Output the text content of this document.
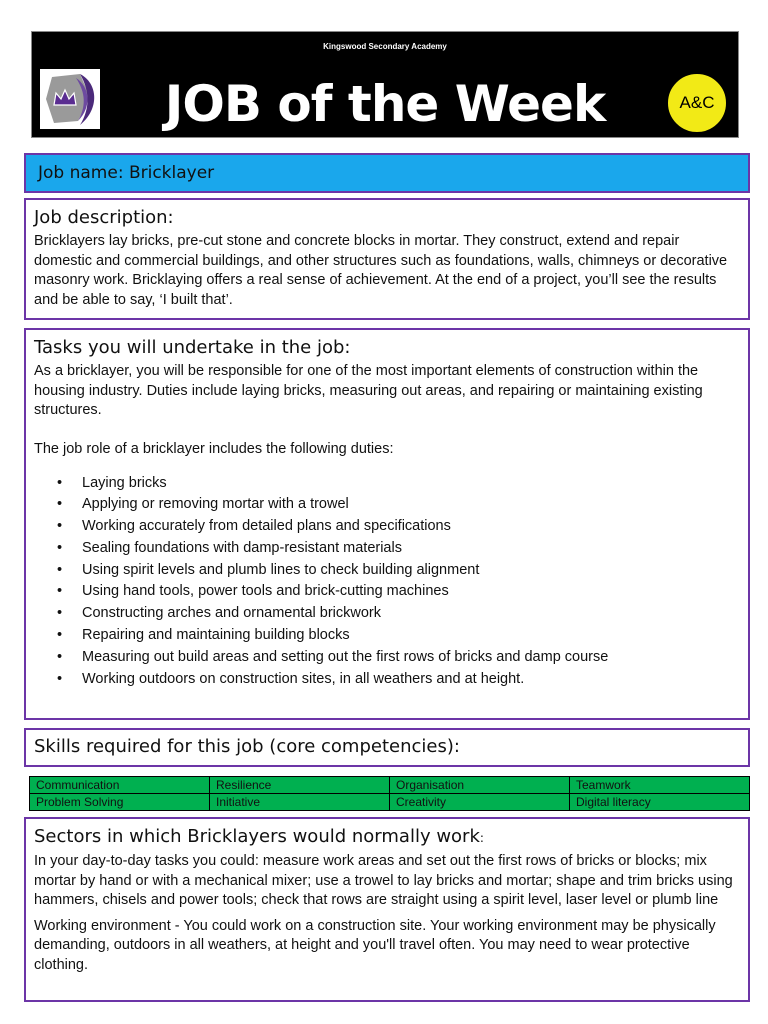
Kingswood Secondary Academy
JOB of the Week	A&C
Job name: Bricklayer
Job description:

Bricklayers lay bricks, pre-cut stone and concrete blocks in mortar. They construct, extend and repair domestic and commercial buildings, and other structures such as foundations, walls, chimneys or decorative masonry work. Bricklaying offers a real sense of achievement. At the end of a project, you’ll see the results and be able to say, ‘I built that’.

Tasks you will undertake in the job:

As a bricklayer, you will be responsible for one of the most important elements of construction within the housing industry. Duties include laying bricks, measuring out areas, and repairing or maintaining existing structures.

The job role of a bricklayer includes the following duties:

• Laying bricks
• Applying or removing mortar with a trowel
• Working accurately from detailed plans and specifications
• Sealing foundations with damp-resistant materials
• Using spirit levels and plumb lines to check building alignment
• Using hand tools, power tools and brick-cutting machines
• Constructing arches and ornamental brickwork
• Repairing and maintaining building blocks
• Measuring out build areas and setting out the first rows of bricks and damp course
• Working outdoors on construction sites, in all weathers and at height.
Skills required for this job (core competencies):
Communication	Resilience	Organisation	Teamwork
Problem Solving	Initiative	Creativity	Digital literacy
Sectors in which Bricklayers would normally work:

In your day-to-day tasks you could: measure work areas and set out the first rows of bricks or blocks; mix mortar by hand or with a mechanical mixer; use a trowel to lay bricks and mortar; shape and trim bricks using hammers, chisels and power tools; check that rows are straight using a spirit level, laser level or plumb line

Working environment - You could work on a construction site. Your working environment may be physically demanding, outdoors in all weathers, at height and you'll travel often. You may need to wear protective clothing.
